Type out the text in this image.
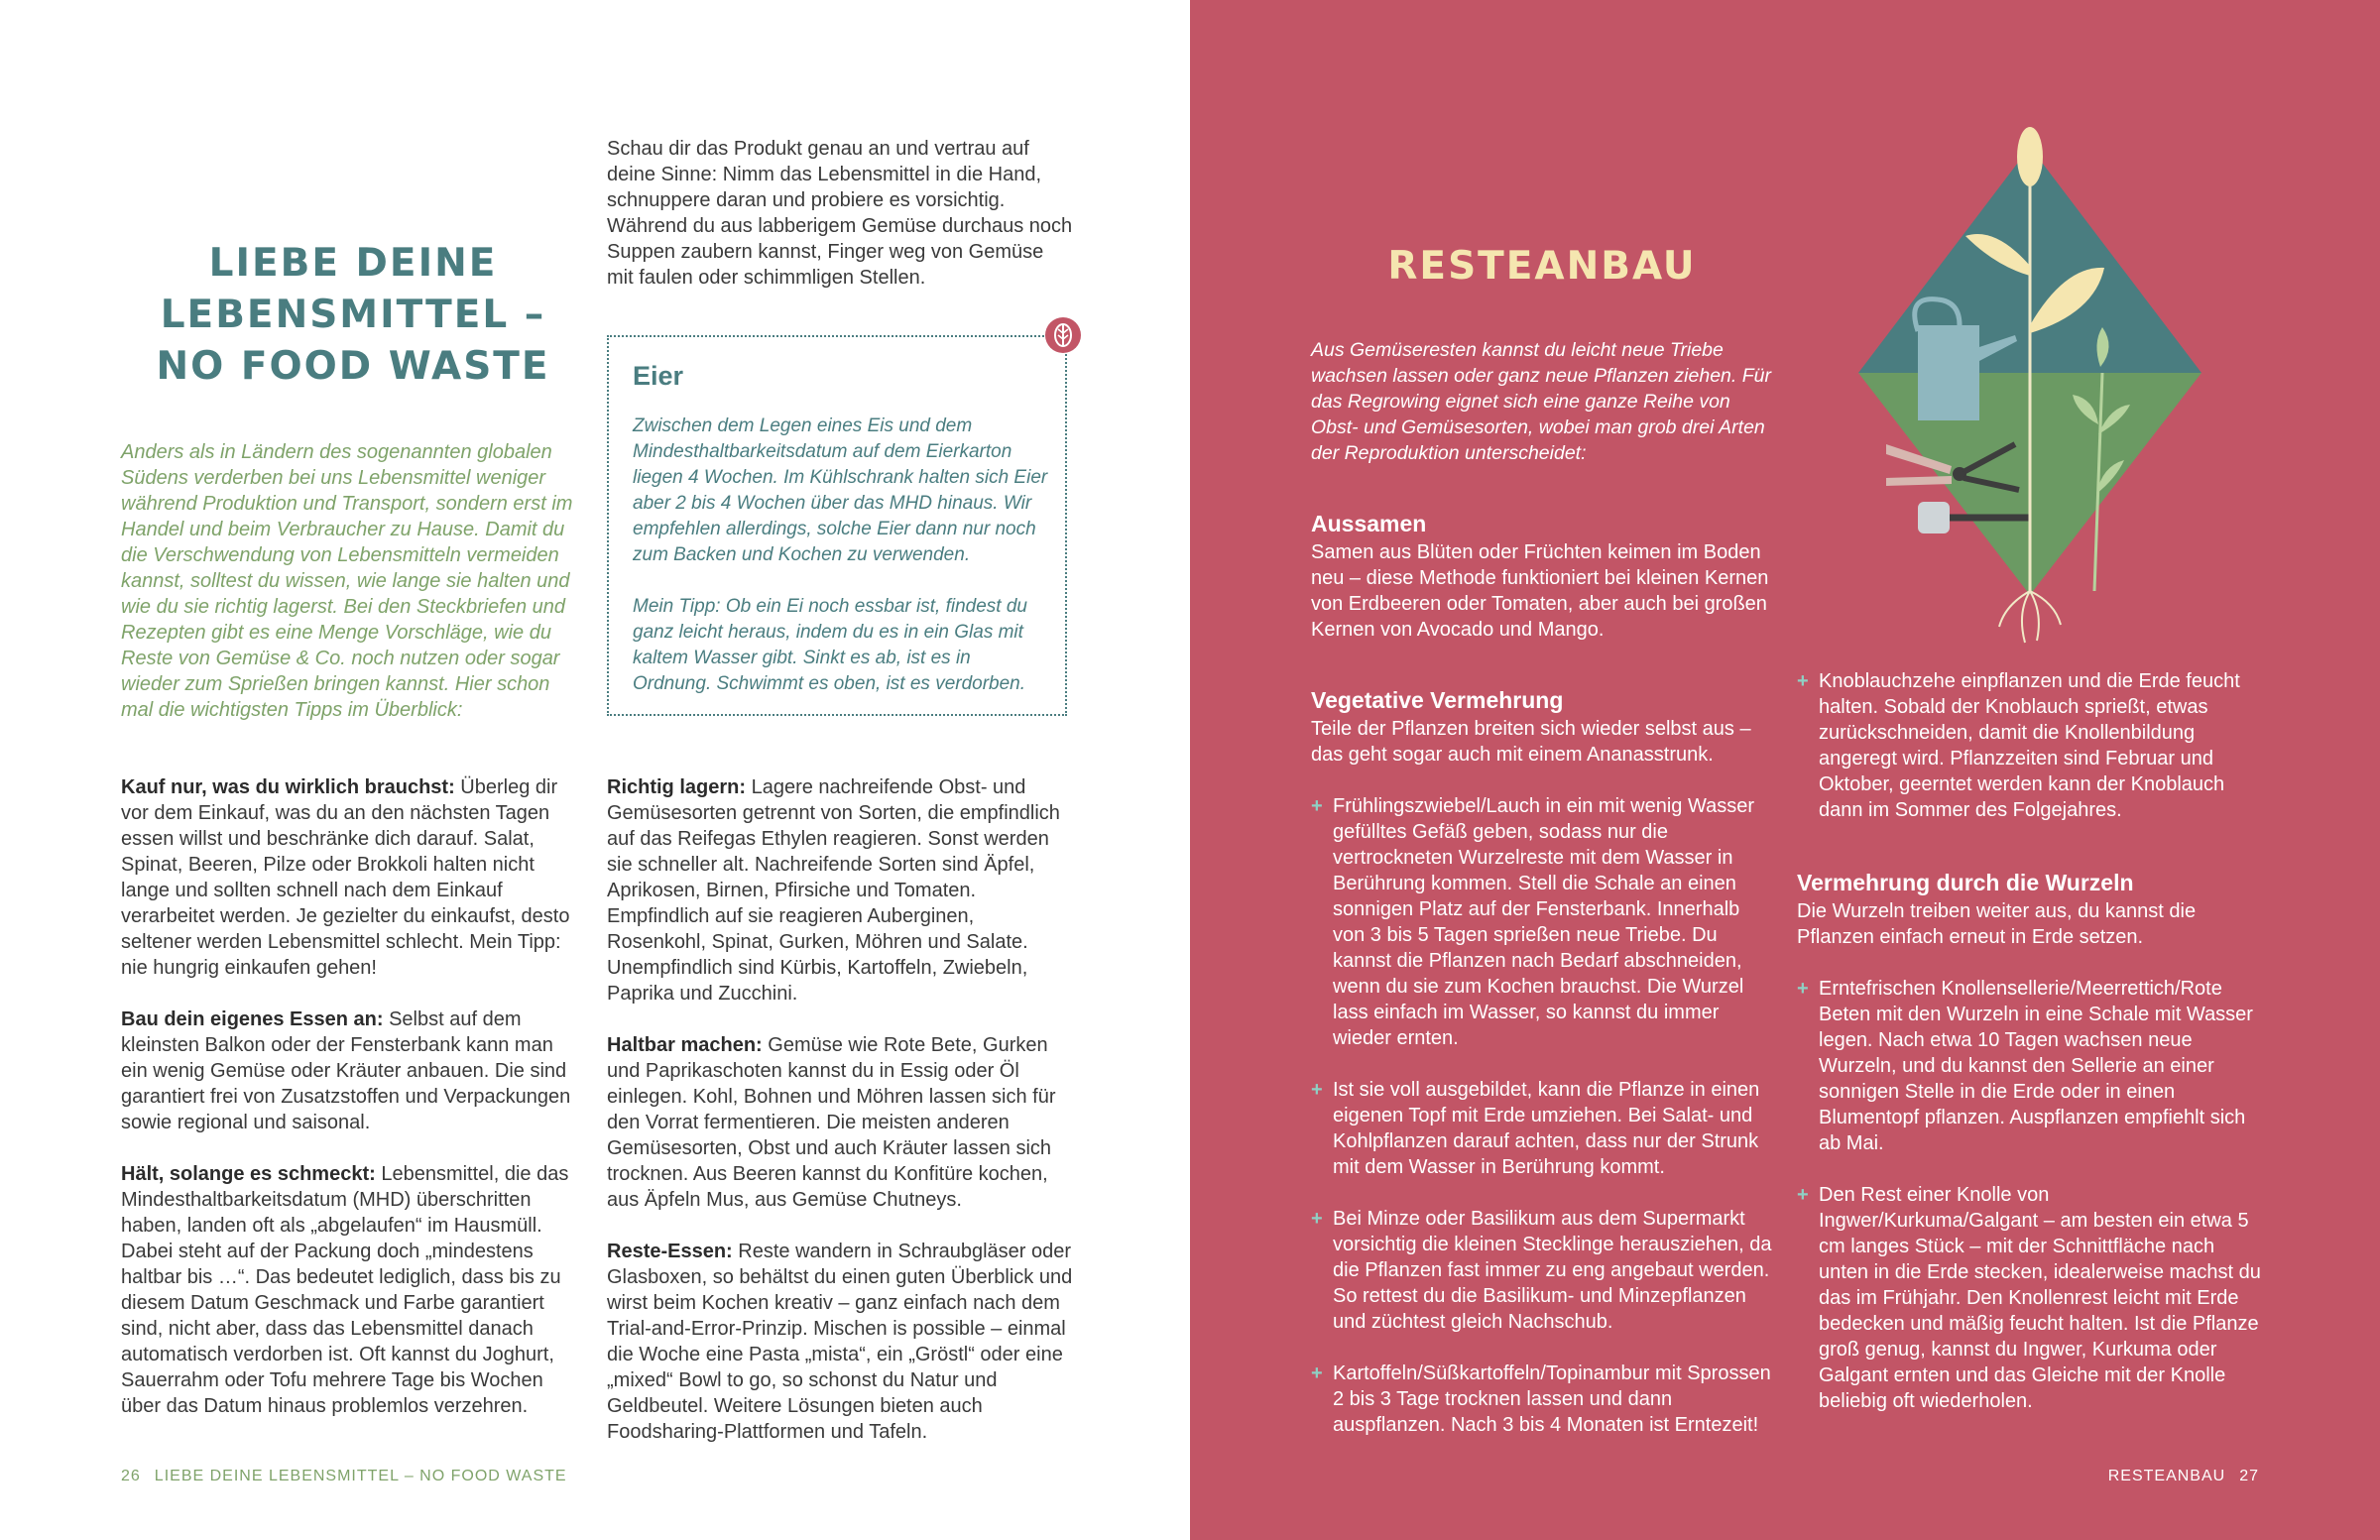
LIEBE DEINE
LEBENSMITTEL –
NO FOOD WASTE

Anders als in Ländern des sogenannten globalen Südens verderben bei uns Lebensmittel weniger während Produktion und Transport, sondern erst im Handel und beim Verbraucher zu Hause. Damit du die Verschwendung von Lebensmitteln vermeiden kannst, solltest du wissen, wie lange sie halten und wie du sie richtig lagerst. Bei den Steckbriefen und Rezepten gibt es eine Menge Vorschläge, wie du Reste von Gemüse & Co. noch nutzen oder sogar wieder zum Sprießen bringen kannst. Hier schon mal die wichtigsten Tipps im Überblick:

Schau dir das Produkt genau an und vertrau auf deine Sinne: Nimm das Lebensmittel in die Hand, schnuppere daran und probiere es vorsichtig. Während du aus labberigem Gemüse durchaus noch Suppen zaubern kannst, Finger weg von Gemüse mit faulen oder schimmligen Stellen.

Eier

Zwischen dem Legen eines Eis und dem Mindesthaltbarkeitsdatum auf dem Eierkarton liegen 4 Wochen. Im Kühlschrank halten sich Eier aber 2 bis 4 Wochen über das MHD hinaus. Wir empfehlen allerdings, solche Eier dann nur noch zum Backen und Kochen zu verwenden.

Mein Tipp: Ob ein Ei noch essbar ist, findest du ganz leicht heraus, indem du es in ein Glas mit kaltem Wasser gibt. Sinkt es ab, ist es in Ordnung. Schwimmt es oben, ist es verdorben.

Kauf nur, was du wirklich brauchst: Überleg dir vor dem Einkauf, was du an den nächsten Tagen essen willst und beschränke dich darauf. Salat, Spinat, Beeren, Pilze oder Brokkoli halten nicht lange und sollten schnell nach dem Einkauf verarbeitet werden. Je gezielter du einkaufst, desto seltener werden Lebensmittel schlecht. Mein Tipp: nie hungrig einkaufen gehen!

Bau dein eigenes Essen an: Selbst auf dem kleinsten Balkon oder der Fensterbank kann man ein wenig Gemüse oder Kräuter anbauen. Die sind garantiert frei von Zusatzstoffen und Verpackungen sowie regional und saisonal.

Hält, solange es schmeckt: Lebensmittel, die das Mindesthaltbarkeitsdatum (MHD) überschritten haben, landen oft als „abgelaufen“ im Hausmüll. Dabei steht auf der Packung doch „mindestens haltbar bis …“. Das bedeutet lediglich, dass bis zu diesem Datum Geschmack und Farbe garantiert sind, nicht aber, dass das Lebensmittel danach automatisch verdorben ist. Oft kannst du Joghurt, Sauerrahm oder Tofu mehrere Tage bis Wochen über das Datum hinaus problemlos verzehren.

Richtig lagern: Lagere nachreifende Obst- und Gemüsesorten getrennt von Sorten, die empfindlich auf das Reifegas Ethylen reagieren. Sonst werden sie schneller alt. Nachreifende Sorten sind Äpfel, Aprikosen, Birnen, Pfirsiche und Tomaten. Empfindlich auf sie reagieren Auberginen, Rosenkohl, Spinat, Gurken, Möhren und Salate. Unempfindlich sind Kürbis, Kartoffeln, Zwiebeln, Paprika und Zucchini.

Haltbar machen: Gemüse wie Rote Bete, Gurken und Paprikaschoten kannst du in Essig oder Öl einlegen. Kohl, Bohnen und Möhren lassen sich für den Vorrat fermentieren. Die meisten anderen Gemüsesorten, Obst und auch Kräuter lassen sich trocknen. Aus Beeren kannst du Konfitüre kochen, aus Äpfeln Mus, aus Gemüse Chutneys.

Reste-Essen: Reste wandern in Schraubgläser oder Glasboxen, so behältst du einen guten Überblick und wirst beim Kochen kreativ – ganz einfach nach dem Trial-and-Error-Prinzip. Mischen is possible – einmal die Woche eine Pasta „mista“, ein „Gröstl“ oder eine „mixed“ Bowl to go, so schonst du Natur und Geldbeutel. Weitere Lösungen bieten auch Foodsharing-Plattformen und Tafeln.

26 LIEBE DEINE LEBENSMITTEL – NO FOOD WASTE
RESTEANBAU

Aus Gemüseresten kannst du leicht neue Triebe wachsen lassen oder ganz neue Pflanzen ziehen. Für das Regrowing eignet sich eine ganze Reihe von Obst- und Gemüsesorten, wobei man grob drei Arten der Reproduktion unterscheidet:

Aussamen

Samen aus Blüten oder Früchten keimen im Boden neu – diese Methode funktioniert bei kleinen Kernen von Erdbeeren oder Tomaten, aber auch bei großen Kernen von Avocado und Mango.

Vegetative Vermehrung

Teile der Pflanzen breiten sich wieder selbst aus – das geht sogar auch mit einem Ananasstrunk.

+ Frühlingszwiebel/Lauch in ein mit wenig Wasser gefülltes Gefäß geben, sodass nur die vertrockneten Wurzelreste mit dem Wasser in Berührung kommen. Stell die Schale an einen sonnigen Platz auf der Fensterbank. Innerhalb von 3 bis 5 Tagen sprießen neue Triebe. Du kannst die Pflanzen nach Bedarf abschneiden, wenn du sie zum Kochen brauchst. Die Wurzel lass einfach im Wasser, so kannst du immer wieder ernten.
+ Ist sie voll ausgebildet, kann die Pflanze in einen eigenen Topf mit Erde umziehen. Bei Salat- und Kohlpflanzen darauf achten, dass nur der Strunk mit dem Wasser in Berührung kommt.
+ Bei Minze oder Basilikum aus dem Supermarkt vorsichtig die kleinen Stecklinge herausziehen, da die Pflanzen fast immer zu eng angebaut werden. So rettest du die Basilikum- und Minzepflanzen und züchtest gleich Nachschub.
+ Kartoffeln/Süßkartoffeln/Topinambur mit Sprossen 2 bis 3 Tage trocknen lassen und dann auspflanzen. Nach 3 bis 4 Monaten ist Erntezeit!
+ Knoblauchzehe einpflanzen und die Erde feucht halten. Sobald der Knoblauch sprießt, etwas zurückschneiden, damit die Knollenbildung angeregt wird. Pflanzzeiten sind Februar und Oktober, geerntet werden kann der Knoblauch dann im Sommer des Folgejahres.
Vermehrung durch die Wurzeln

Die Wurzeln treiben weiter aus, du kannst die Pflanzen einfach erneut in Erde setzen.

+ Erntefrischen Knollensellerie/Meerrettich/Rote Beten mit den Wurzeln in eine Schale mit Wasser legen. Nach etwa 10 Tagen wachsen neue Wurzeln, und du kannst den Sellerie an einer sonnigen Stelle in die Erde oder in einen Blumentopf pflanzen. Auspflanzen empfiehlt sich ab Mai.
+ Den Rest einer Knolle von Ingwer/Kurkuma/Galgant – am besten ein etwa 5 cm langes Stück – mit der Schnittfläche nach unten in die Erde stecken, idealerweise machst du das im Frühjahr. Den Knollenrest leicht mit Erde bedecken und mäßig feucht halten. Ist die Pflanze groß genug, kannst du Ingwer, Kurkuma oder Galgant ernten und das Gleiche mit der Knolle beliebig oft wiederholen.
RESTEANBAU 27
